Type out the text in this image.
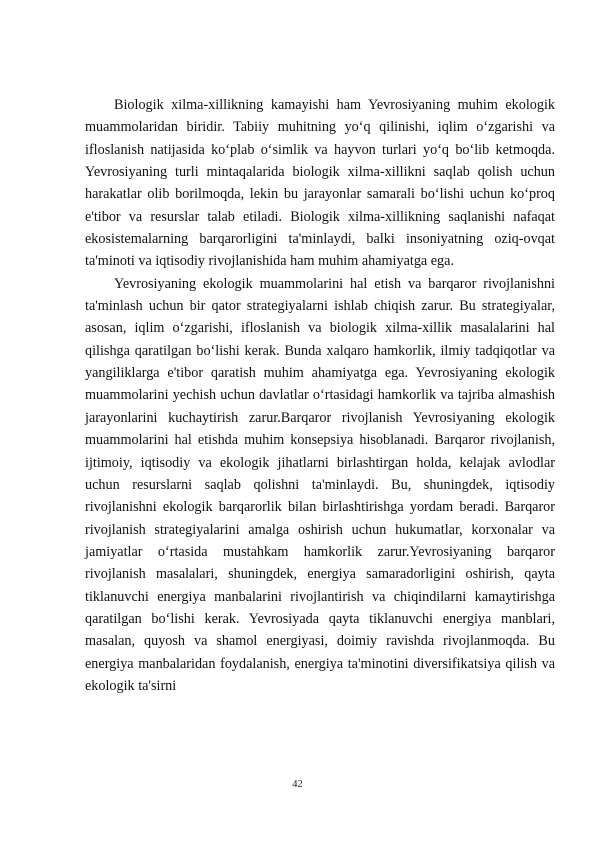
Biologik xilma-xillikning kamayishi ham Yevrosiyaning muhim ekologik muammolaridan biridir. Tabiiy muhitning yo‘q qilinishi, iqlim o‘zgarishi va ifloslanish natijasida ko‘plab o‘simlik va hayvon turlari yo‘q bo‘lib ketmoqda. Yevrosiyaning turli mintaqalarida biologik xilma-xillikni saqlab qolish uchun harakatlar olib borilmoqda, lekin bu jarayonlar samarali bo‘lishi uchun ko‘proq e'tibor va resurslar talab etiladi. Biologik xilma-xillikning saqlanishi nafaqat ekosistemalarning barqarorligini ta'minlaydi, balki insoniyatning oziq-ovqat ta'minoti va iqtisodiy rivojlanishida ham muhim ahamiyatga ega.

Yevrosiyaning ekologik muammolarini hal etish va barqaror rivojlanishni ta'minlash uchun bir qator strategiyalarni ishlab chiqish zarur. Bu strategiyalar, asosan, iqlim o‘zgarishi, ifloslanish va biologik xilma-xillik masalalarini hal qilishga qaratilgan bo‘lishi kerak. Bunda xalqaro hamkorlik, ilmiy tadqiqotlar va yangiliklarga e'tibor qaratish muhim ahamiyatga ega. Yevrosiyaning ekologik muammolarini yechish uchun davlatlar o‘rtasidagi hamkorlik va tajriba almashish jarayonlarini kuchaytirish zarur.Barqaror rivojlanish Yevrosiyaning ekologik muammolarini hal etishda muhim konsepsiya hisoblanadi. Barqaror rivojlanish, ijtimoiy, iqtisodiy va ekologik jihatlarni birlashtirgan holda, kelajak avlodlar uchun resurslarni saqlab qolishni ta'minlaydi. Bu, shuningdek, iqtisodiy rivojlanishni ekologik barqarorlik bilan birlashtirishga yordam beradi. Barqaror rivojlanish strategiyalarini amalga oshirish uchun hukumatlar, korxonalar va jamiyatlar o‘rtasida mustahkam hamkorlik zarur.Yevrosiyaning barqaror rivojlanish masalalari, shuningdek, energiya samaradorligini oshirish, qayta tiklanuvchi energiya manbalarini rivojlantirish va chiqindilarni kamaytirishga qaratilgan bo‘lishi kerak. Yevrosiyada qayta tiklanuvchi energiya manblari, masalan, quyosh va shamol energiyasi, doimiy ravishda rivojlanmoqda. Bu energiya manbalaridan foydalanish, energiya ta'minotini diversifikatsiya qilish va ekologik ta'sirni

42
